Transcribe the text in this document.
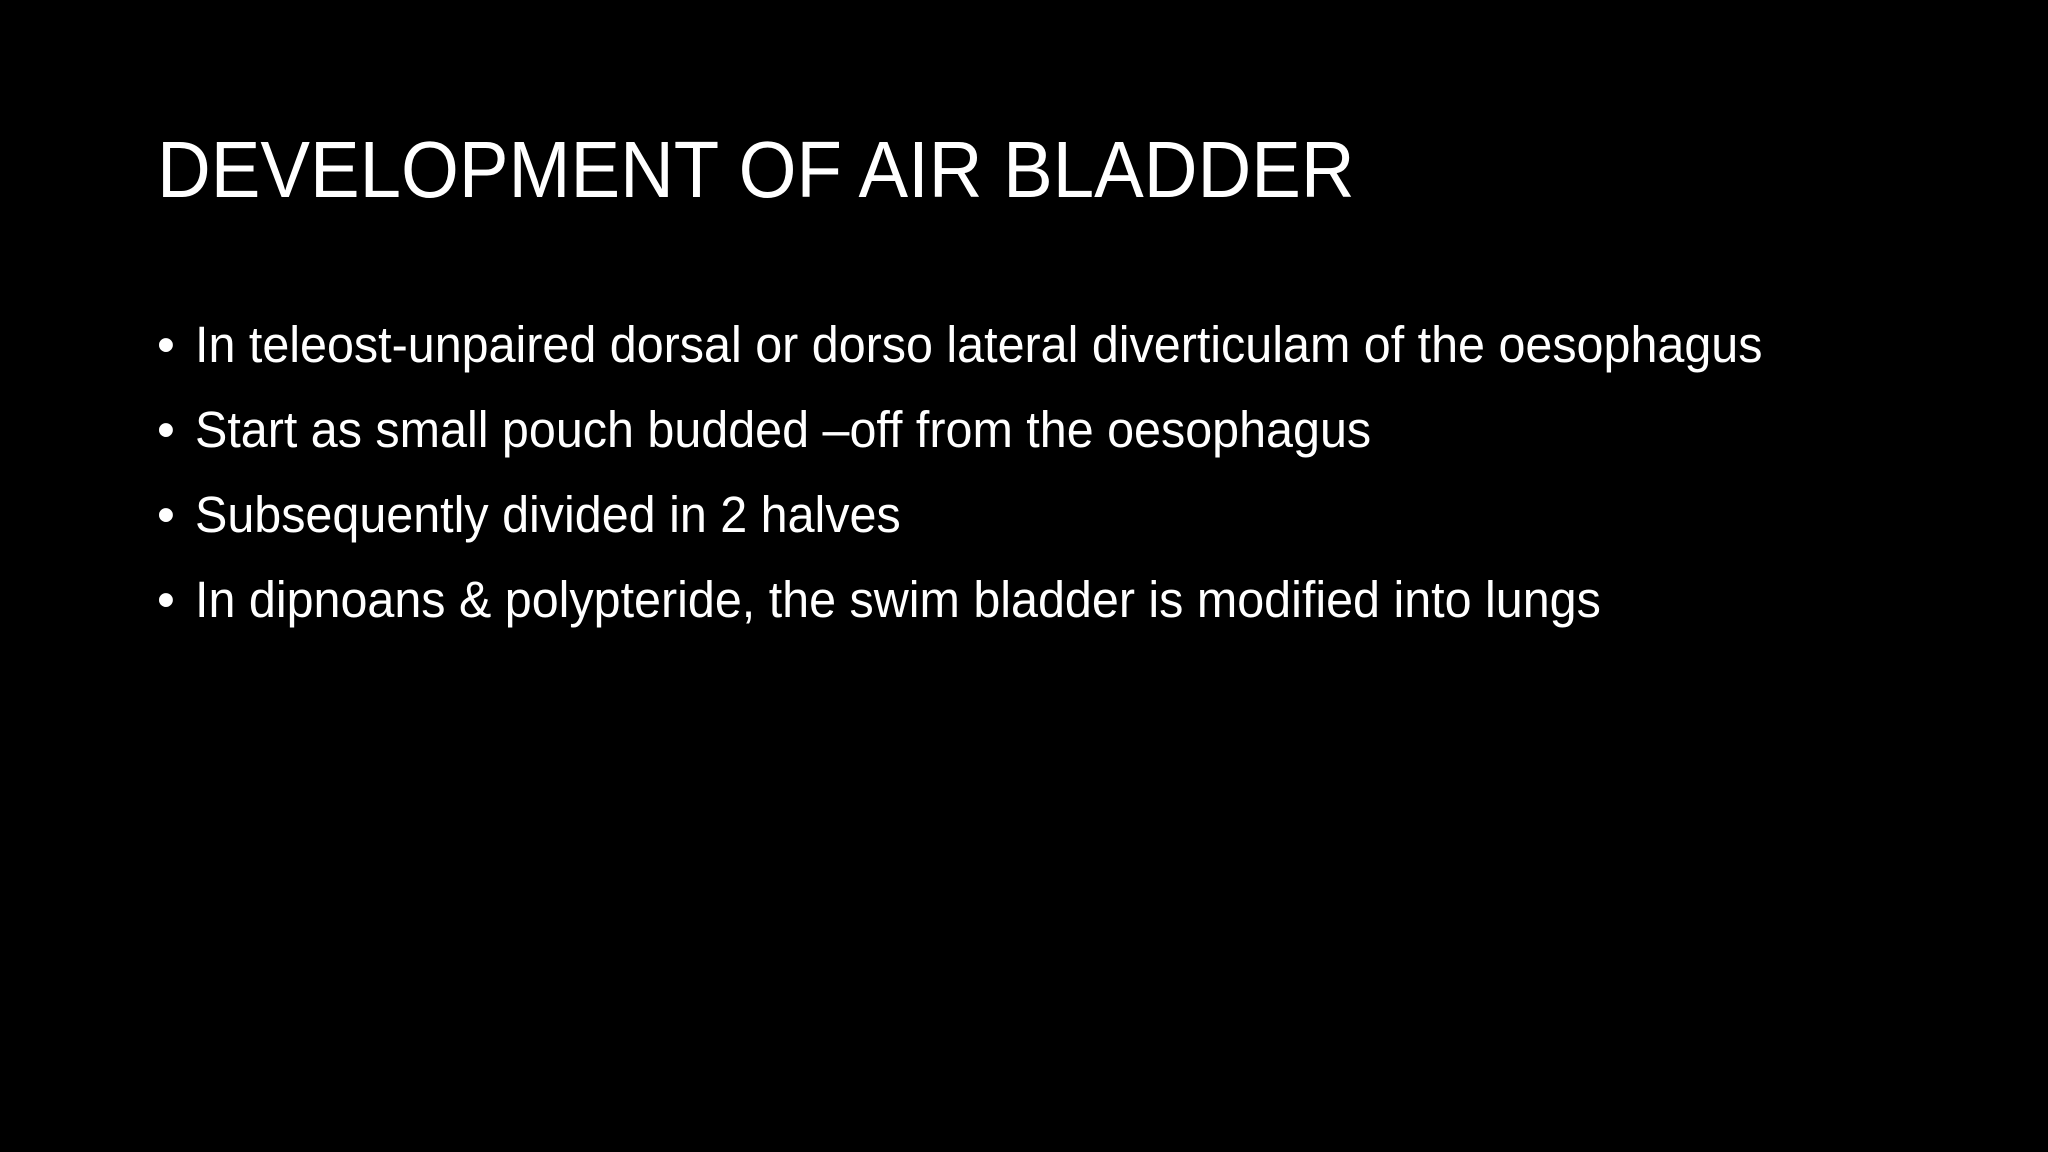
DEVELOPMENT OF AIR BLADDER
• In teleost-unpaired dorsal or dorso lateral diverticulam of the oesophagus
• Start as small pouch budded –off from the oesophagus
• Subsequently divided in 2 halves
• In dipnoans & polypteride, the swim bladder is modified into lungs
